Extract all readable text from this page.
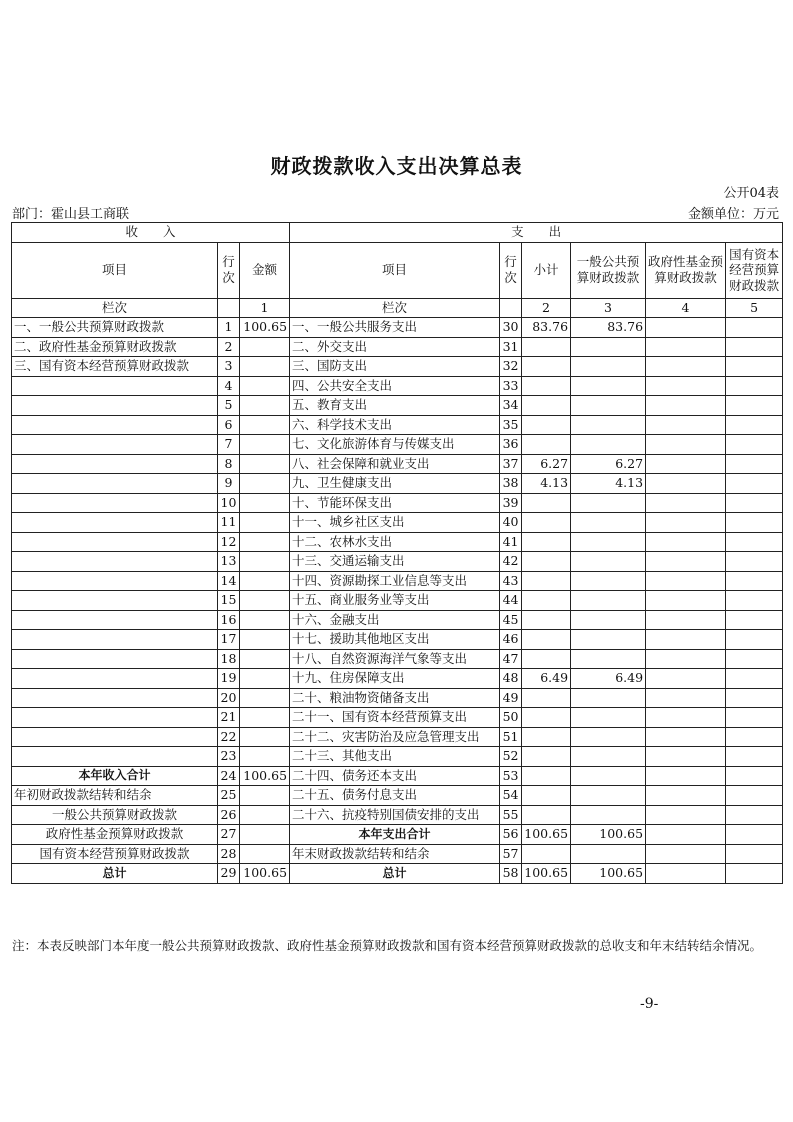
财政拨款收入支出决算总表
公开04表
部门：霍山县工商联	金额单位：万元
收　　入			支　　出					
项目	行次	金额	项目	行次	小计	一般公共预算财政拨款	政府性基金预算财政拨款	国有资本经营预算财政拨款
栏次		1	栏次		2	3	4	5
一、一般公共预算财政拨款	1	100.65	一、一般公共服务支出	30	83.76	83.76		
二、政府性基金预算财政拨款	2		二、外交支出	31				
三、国有资本经营预算财政拨款	3		三、国防支出	32				
	4		四、公共安全支出	33				
	5		五、教育支出	34				
	6		六、科学技术支出	35				
	7		七、文化旅游体育与传媒支出	36				
	8		八、社会保障和就业支出	37	6.27	6.27		
	9		九、卫生健康支出	38	4.13	4.13		
	10		十、节能环保支出	39				
	11		十一、城乡社区支出	40				
	12		十二、农林水支出	41				
	13		十三、交通运输支出	42				
	14		十四、资源勘探工业信息等支出	43				
	15		十五、商业服务业等支出	44				
	16		十六、金融支出	45				
	17		十七、援助其他地区支出	46				
	18		十八、自然资源海洋气象等支出	47				
	19		十九、住房保障支出	48	6.49	6.49		
	20		二十、粮油物资储备支出	49				
	21		二十一、国有资本经营预算支出	50				
	22		二十二、灾害防治及应急管理支出	51				
	23		二十三、其他支出	52				
本年收入合计	24	100.65	二十四、债务还本支出	53				
年初财政拨款结转和结余	25		二十五、债务付息支出	54				
一般公共预算财政拨款	26		二十六、抗疫特别国债安排的支出	55				
政府性基金预算财政拨款	27		本年支出合计	56	100.65	100.65		
国有资本经营预算财政拨款	28		年末财政拨款结转和结余	57				
总计	29	100.65	总计	58	100.65	100.65		
注：本表反映部门本年度一般公共预算财政拨款、政府性基金预算财政拨款和国有资本经营预算财政拨款的总收支和年末结转结余情况。
-9-
